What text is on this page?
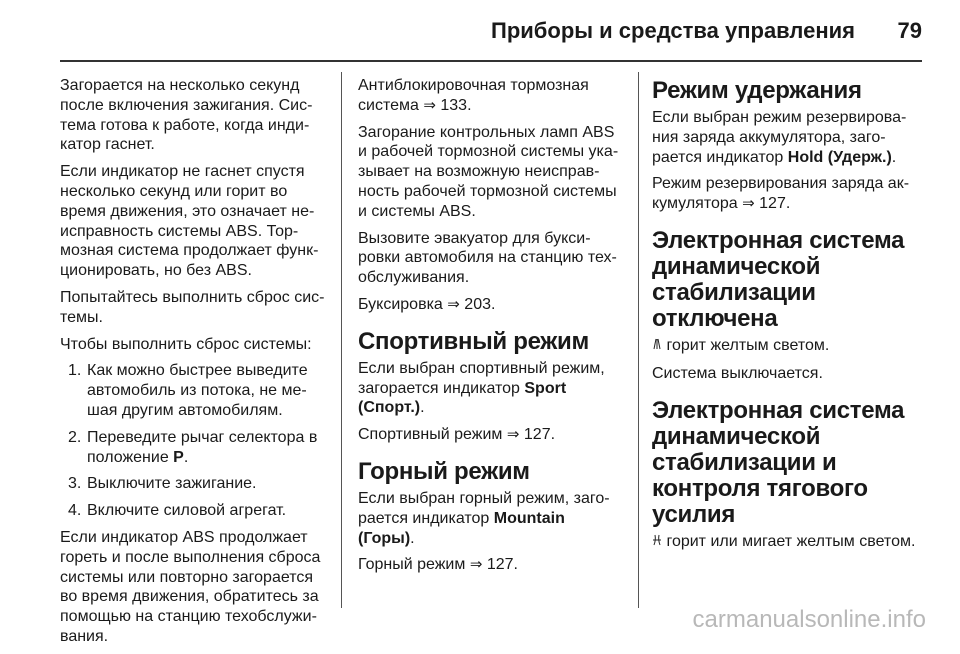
Приборы и средства управления 79

Загорается на несколько секунд после включения зажигания. Система готова к работе, когда индикатор гаснет.

Если индикатор не гаснет спустя несколько секунд или горит во время движения, это означает неисправность системы ABS. Тормозная система продолжает функционировать, но без ABS.

Попытайтесь выполнить сброс системы.

Чтобы выполнить сброс системы:

1. Как можно быстрее выведите автомобиль из потока, не мешая другим автомобилям.
2. Переведите рычаг селектора в положение P.
3. Выключите зажигание.
4. Включите силовой агрегат.

Если индикатор ABS продолжает гореть и после выполнения сброса системы или повторно загорается во время движения, обратитесь за помощью на станцию техобслуживания.

Антиблокировочная тормозная система ⇒ 133.

Загорание контрольных ламп ABS и рабочей тормозной системы указывает на возможную неисправность рабочей тормозной системы и системы ABS.

Вызовите эвакуатор для буксировки автомобиля на станцию техобслуживания.

Буксировка ⇒ 203.

Спортивный режим

Если выбран спортивный режим, загорается индикатор Sport (Спорт.).

Спортивный режим ⇒ 127.

Горный режим

Если выбран горный режим, загорается индикатор Mountain (Горы).

Горный режим ⇒ 127.

Режим удержания

Если выбран режим резервирования заряда аккумулятора, загорается индикатор Hold (Удерж.).

Режим резервирования заряда аккумулятора ⇒ 127.

Электронная система динамической стабилизации отключена

горит желтым светом.

Система выключается.

Электронная система динамической стабилизации и контроля тягового усилия

горит или мигает желтым светом.

carmanualsonline.info
